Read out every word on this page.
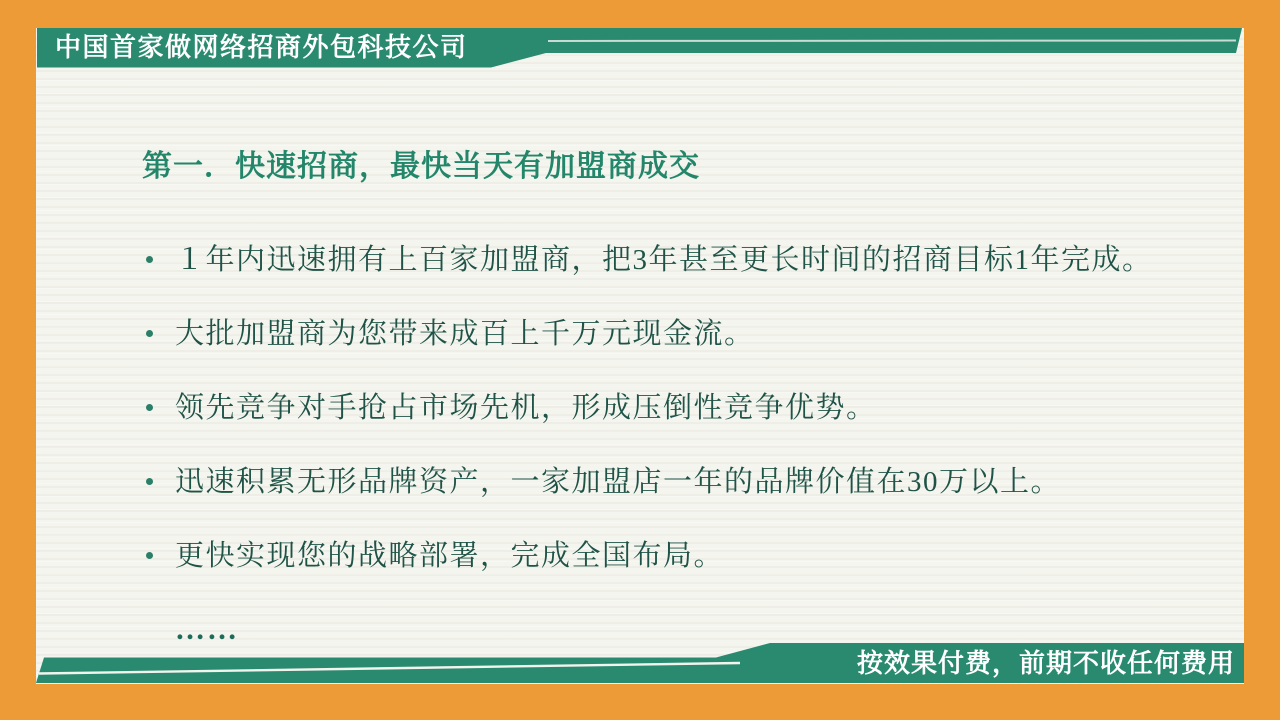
中国首家做网络招商外包科技公司
第一．快速招商，最快当天有加盟商成交
１年内迅速拥有上百家加盟商，把3年甚至更长时间的招商目标1年完成。
大批加盟商为您带来成百上千万元现金流。
领先竞争对手抢占市场先机，形成压倒性竞争优势。
迅速积累无形品牌资产，一家加盟店一年的品牌价值在30万以上。
更快实现您的战略部署，完成全国布局。
……
按效果付费，前期不收任何费用
